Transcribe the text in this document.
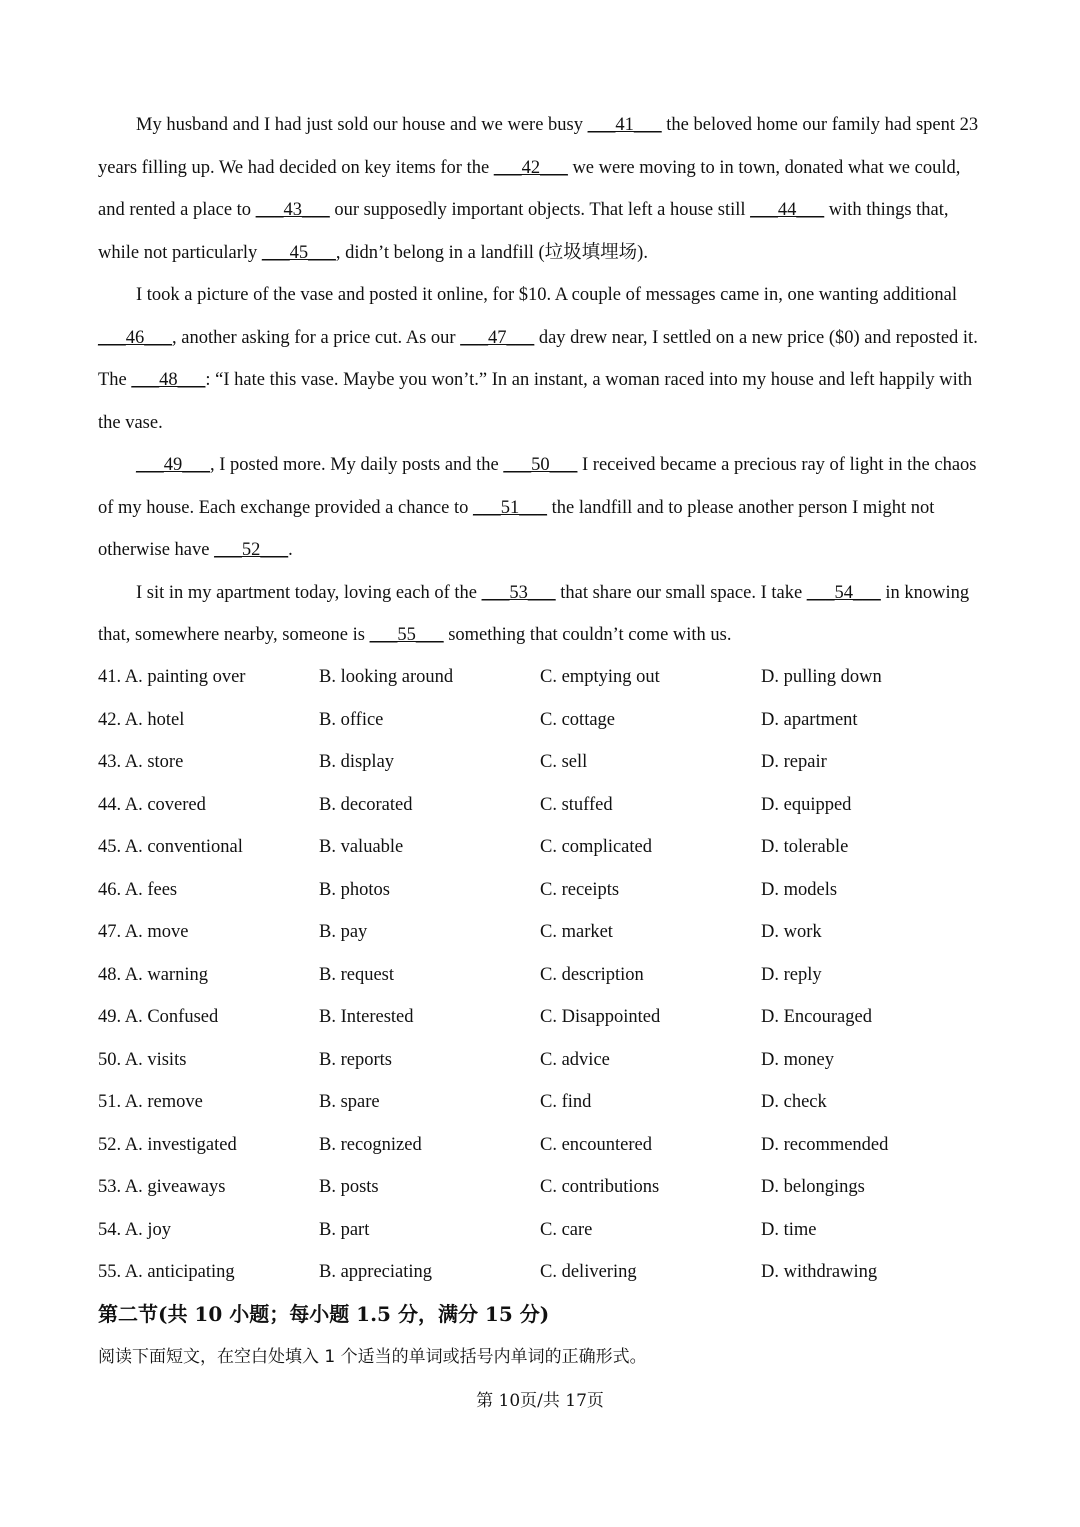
My husband and I had just sold our house and we were busy ___41___ the beloved home our family had spent 23 years filling up. We had decided on key items for the ___42___ we were moving to in town, donated what we could, and rented a place to ___43___ our supposedly important objects. That left a house still ___44___ with things that, while not particularly ___45___, didn’t belong in a landfill (垃圾填埋场).

I took a picture of the vase and posted it online, for $10. A couple of messages came in, one wanting additional ___46___, another asking for a price cut. As our ___47___ day drew near, I settled on a new price ($0) and reposted it. The ___48___: “I hate this vase. Maybe you won’t.” In an instant, a woman raced into my house and left happily with the vase.

___49___, I posted more. My daily posts and the ___50___ I received became a precious ray of light in the chaos of my house. Each exchange provided a chance to ___51___ the landfill and to please another person I might not otherwise have ___52___.

I sit in my apartment today, loving each of the ___53___ that share our small space. I take ___54___ in knowing that, somewhere nearby, someone is ___55___ something that couldn’t come with us.

41. A. painting over	B. looking around	C. emptying out	D. pulling down
42. A. hotel	B. office	C. cottage	D. apartment
43. A. store	B. display	C. sell	D. repair
44. A. covered	B. decorated	C. stuffed	D. equipped
45. A. conventional	B. valuable	C. complicated	D. tolerable
46. A. fees	B. photos	C. receipts	D. models
47. A. move	B. pay	C. market	D. work
48. A. warning	B. request	C. description	D. reply
49. A. Confused	B. Interested	C. Disappointed	D. Encouraged
50. A. visits	B. reports	C. advice	D. money
51. A. remove	B. spare	C. find	D. check
52. A. investigated	B. recognized	C. encountered	D. recommended
53. A. giveaways	B. posts	C. contributions	D. belongings
54. A. joy	B. part	C. care	D. time
55. A. anticipating	B. appreciating	C. delivering	D. withdrawing
第二节(共 10 小题；每小题 1.5 分，满分 15 分)
阅读下面短文，在空白处填入 1 个适当的单词或括号内单词的正确形式。
第 10页/共 17页
